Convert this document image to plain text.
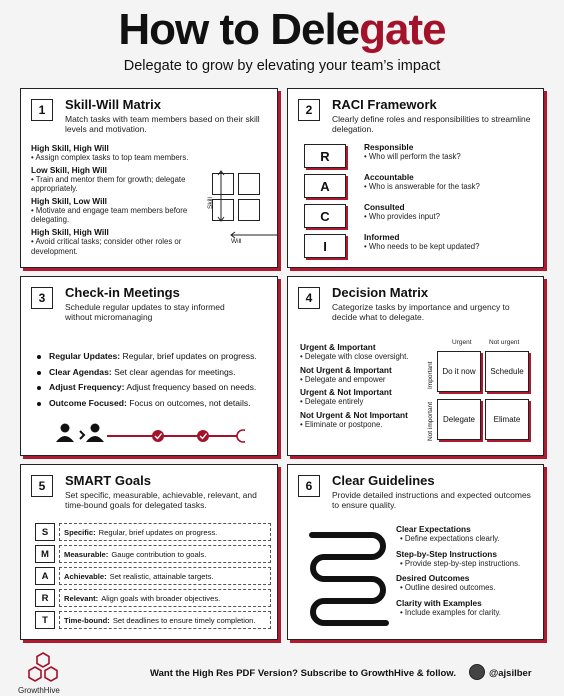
How to Delegate
Delegate to grow by elevating your team’s impact
1	Skill-Will Matrix
Match tasks with team members based on their skill levels and motivation.
High Skill, High Will
• Assign complex tasks to top team members.
Low Skill, High Will
• Train and mentor them for growth; delegate appropriately.
High Skill, Low Will
• Motivate and engage team members before delegating.
High Skill, High Will
• Avoid critical tasks; consider other roles or development.
Skill
Will
2	RACI Framework
Clearly define roles and responsibilities to streamline delegation.
R
Responsible
• Who will perform the task?
A
Accountable
• Who is answerable for the task?
C
Consulted
• Who provides input?
I
Informed
• Who needs to be kept updated?
3	Check-in Meetings
Schedule regular updates to stay informed without micromanaging
Regular Updates: Regular, brief updates on progress.
Clear Agendas: Set clear agendas for meetings.
Adjust Frequency: Adjust frequency based on needs.
Outcome Focused: Focus on outcomes, not details.
4	Decision Matrix
Categorize tasks by importance and urgency to decide what to delegate.
Urgent & Important
• Delegate with close oversight.
Not Urgent & Important
• Delegate and empower
Urgent & Not Important
• Delegate entirely
Not Urgent & Not Important
• Eliminate or postpone.
Urgent	Not urgent
Important
Not important
Do it now	Schedule
Delegate	Elimate
5	SMART Goals
Set specific, measurable, achievable, relevant, and time-bound goals for delegated tasks.
S	Specific: Regular, brief updates on progress.
M	Measurable: Gauge contribution to goals.
A	Achievable: Set realistic, attainable targets.
R	Relevant: Align goals with broader objectives.
T	Time-bound: Set deadlines to ensure timely completion.
6	Clear Guidelines
Provide detailed instructions and expected outcomes to ensure quality.
Clear Expectations
• Define expectations clearly.
Step-by-Step Instructions
• Provide step-by-step instructions.
Desired Outcomes
• Outline desired outcomes.
Clarity with Examples
• Include examples for clarity.
GrowthHive
Want the High Res PDF Version? Subscribe to GrowthHive & follow.	@ajsilber
